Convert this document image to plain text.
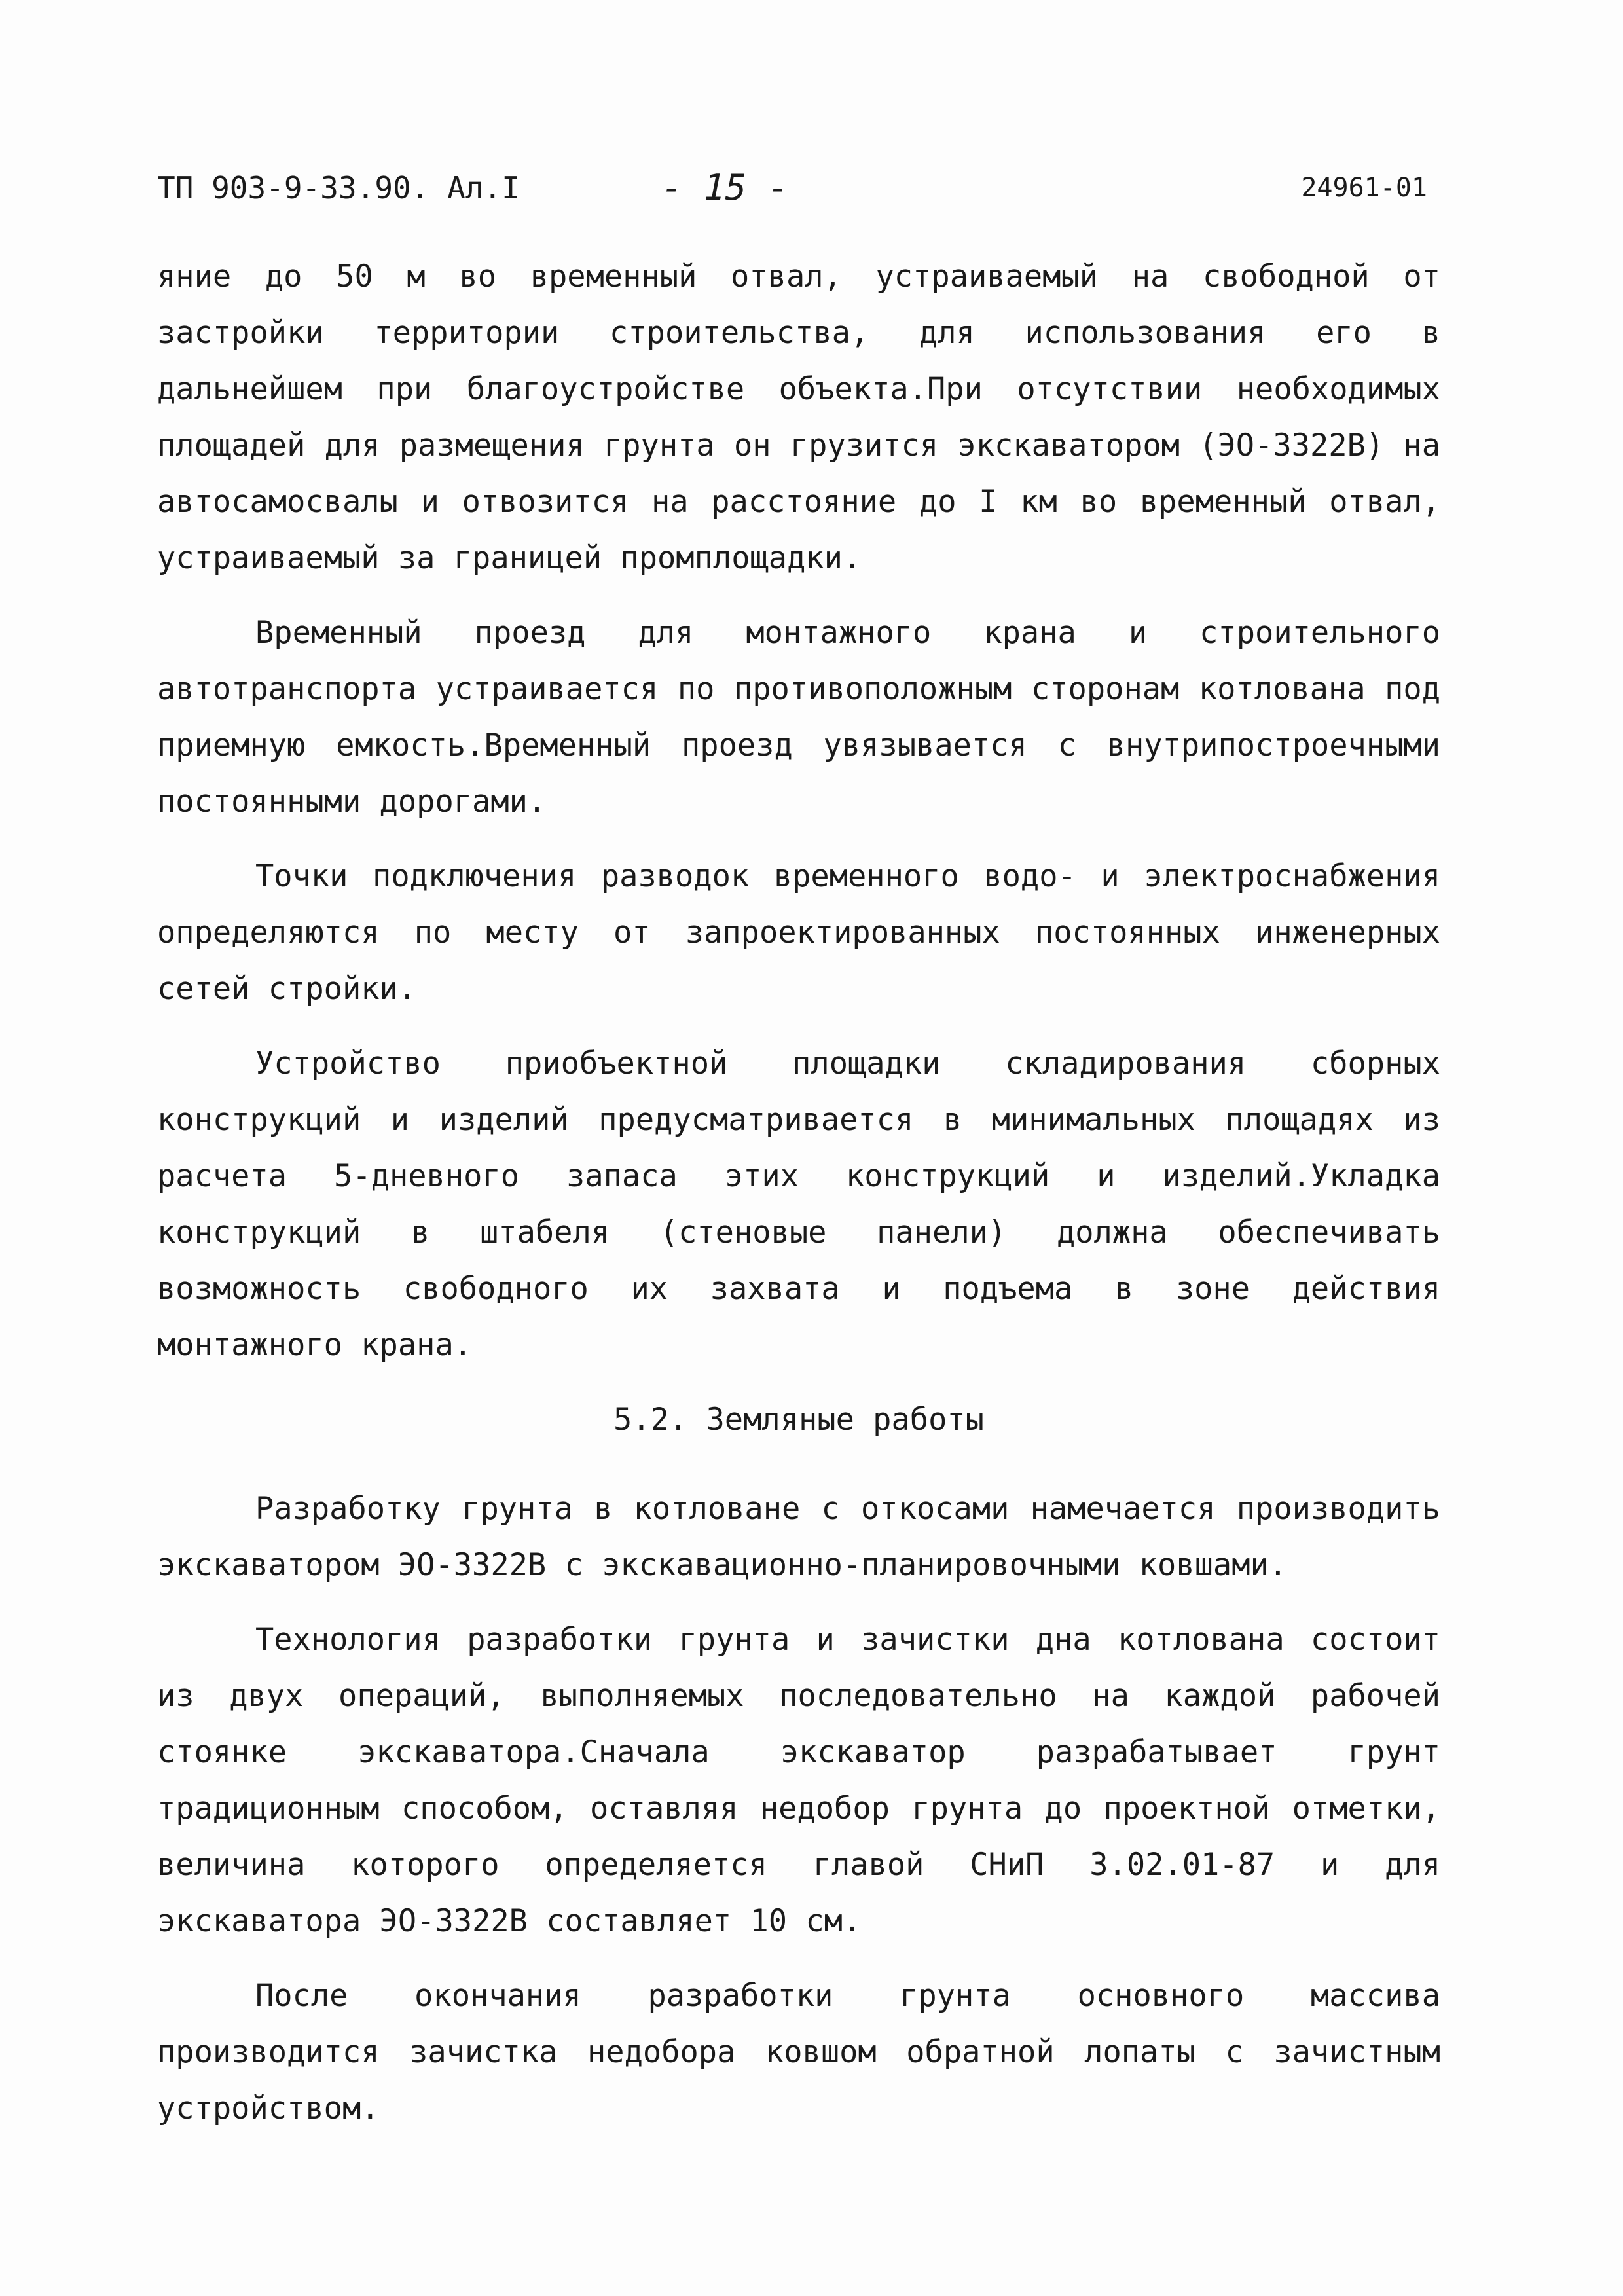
ТП 903-9-33.90. Ал.I	- 15 -	24961-01

яние до 50 м во временный отвал, устраиваемый на свободной от застройки территории строительства, для использования его в дальнейшем при благоустройстве объекта.При отсутствии необходимых площадей для размещения грунта он грузится экскаватором (ЭО-3322В) на автосамосвалы и отвозится на расстояние до I км во временный отвал, устраиваемый за границей промплощадки.

Временный проезд для монтажного крана и строительного автотранспорта устраивается по противоположным сторонам котлована под приемную емкость.Временный проезд увязывается с внутрипостроечными постоянными дорогами.

Точки подключения разводок временного водо- и электроснабжения определяются по месту от запроектированных постоянных инженерных сетей стройки.

Устройство приобъектной площадки складирования сборных конструкций и изделий предусматривается в минимальных площадях из расчета 5-дневного запаса этих конструкций и изделий.Укладка конструкций в штабеля (стеновые панели) должна обеспечивать возможность свободного их захвата и подъема в зоне действия монтажного крана.

5.2. Земляные работы

Разработку грунта в котловане с откосами намечается производить экскаватором ЭО-3322В с экскавационно-планировочными ковшами.

Технология разработки грунта и зачистки дна котлована состоит из двух операций, выполняемых последовательно на каждой рабочей стоянке экскаватора.Сначала экскаватор разрабатывает грунт традиционным способом, оставляя недобор грунта до проектной отметки, величина которого определяется главой СНиП 3.02.01-87 и для экскаватора ЭО-3322В составляет 10 см.

После окончания разработки грунта основного массива производится зачистка недобора ковшом обратной лопаты с зачистным устройством.
